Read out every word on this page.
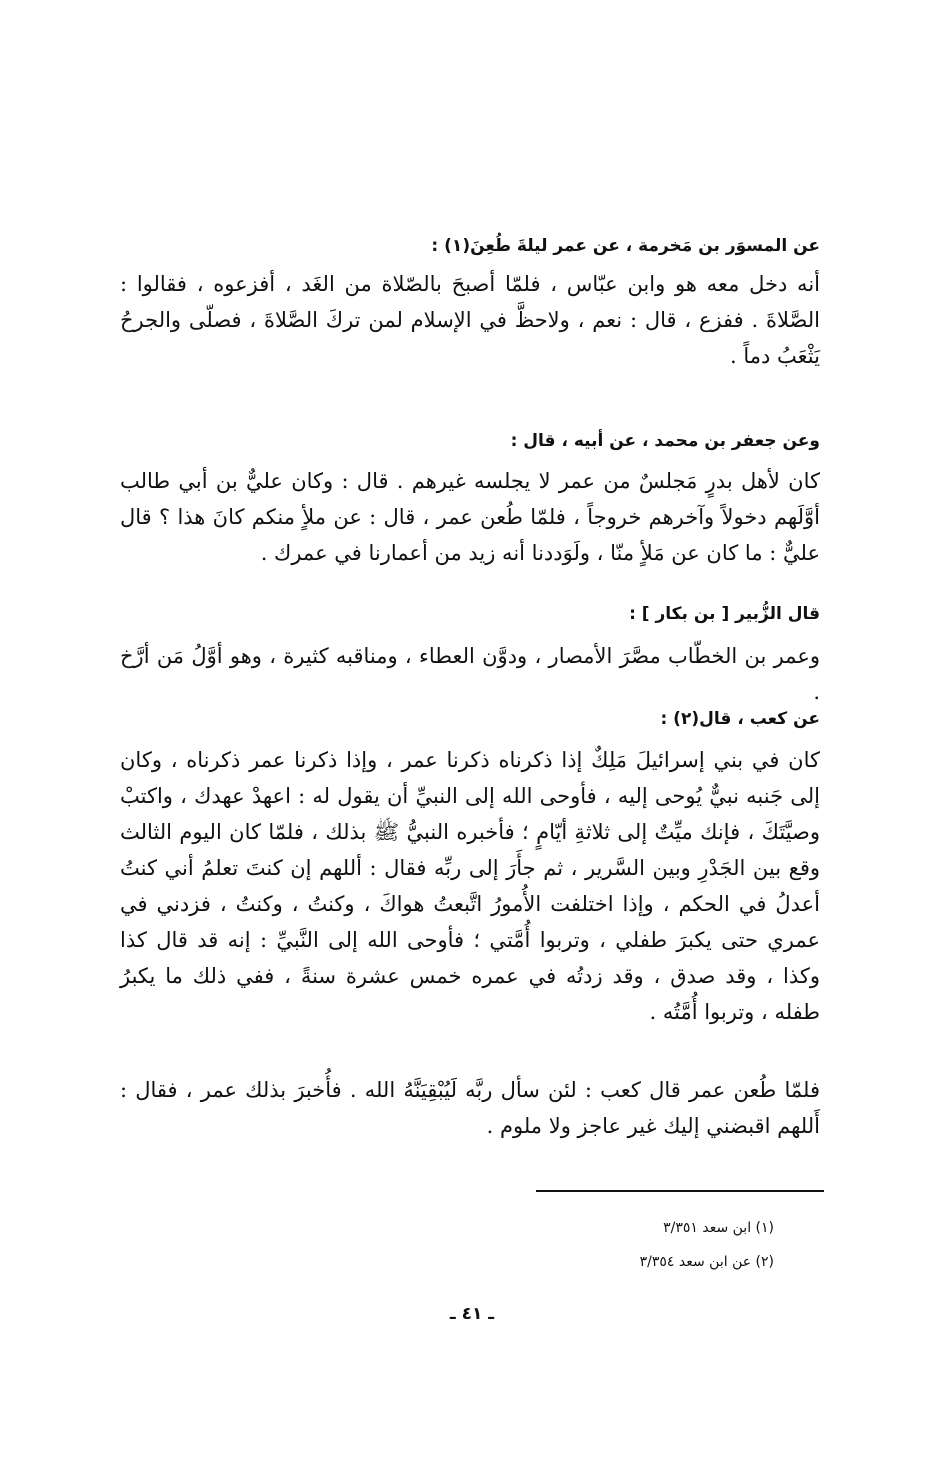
عن المسوَر بن مَخرمة ، عن عمر ليلةَ طُعِنَ(١) :
أنه دخل معه هو وابن عبّاس ، فلمّا أصبحَ بالصّلاة من الغَد ، أفزعوه ، فقالوا : الصَّلاةَ . ففزع ، قال : نعم ، ولاحظَّ في الإسلام لمن تركَ الصَّلاةَ ، فصلّى والجرحُ يَثْعَبُ دماً .
وعن جعفر بن محمد ، عن أبيه ، قال :
كان لأهل بدرٍ مَجلسٌ من عمر لا يجلسه غيرهم . قال : وكان عليٌّ بن أبي طالب أوَّلَهم دخولاً وآخرهم خروجاً ، فلمّا طُعن عمر ، قال : عن ملأٍ منكم كانَ هذا ؟ قال عليٌّ : ما كان عن مَلأٍ منّا ، ولَوَددنا أنه زيد من أعمارنا في عمرك .
قال الزُّبير [ بن بكار ] :
وعمر بن الخطّاب مصَّرَ الأمصار ، ودوَّن العطاء ، ومناقبه كثيرة ، وهو أوَّلُ مَن أرَّخ .
عن كعب ، قال(٢) :
كان في بني إسرائيلَ مَلِكٌ إذا ذكرناه ذكرنا عمر ، وإذا ذكرنا عمر ذكرناه ، وكان إلى جَنبه نبيٌّ يُوحى إليه ، فأوحى الله إلى النبيِّ أن يقول له : اعهدْ عهدك ، واكتبْ وصيَّتَكَ ، فإنك ميِّتٌ إلى ثلاثةِ أيّامٍ ؛ فأخبره النبيُّ ﷺ بذلك ، فلمّا كان اليوم الثالث وقع بين الجَدْرِ وبين السَّرير ، ثم جأَرَ إلى ربِّه فقال : أللهم إن كنتَ تعلمُ أني كنتُ أعدلُ في الحكم ، وإذا اختلفت الأُمورُ اتَّبعتُ هواكَ ، وكنتُ ، وكنتُ ، فزدني في عمري حتى يكبرَ طفلي ، وتربوا أُمَّتي ؛ فأوحى الله إلى النَّبيِّ : إنه قد قال كذا وكذا ، وقد صدق ، وقد زدتُه في عمره خمس عشرة سنةً ، ففي ذلك ما يكبرُ طفله ، وتربوا أُمَّتُه .
فلمّا طُعن عمر قال كعب : لئن سأل ربَّه لَيُبْقِيَنَّهُ الله . فأُخبرَ بذلك عمر ، فقال : أَللهم اقبضني إليك غير عاجز ولا ملوم .
(١) ابن سعد ٣/٣٥١
(٢) عن ابن سعد ٣/٣٥٤
ـ ٤١ ـ
